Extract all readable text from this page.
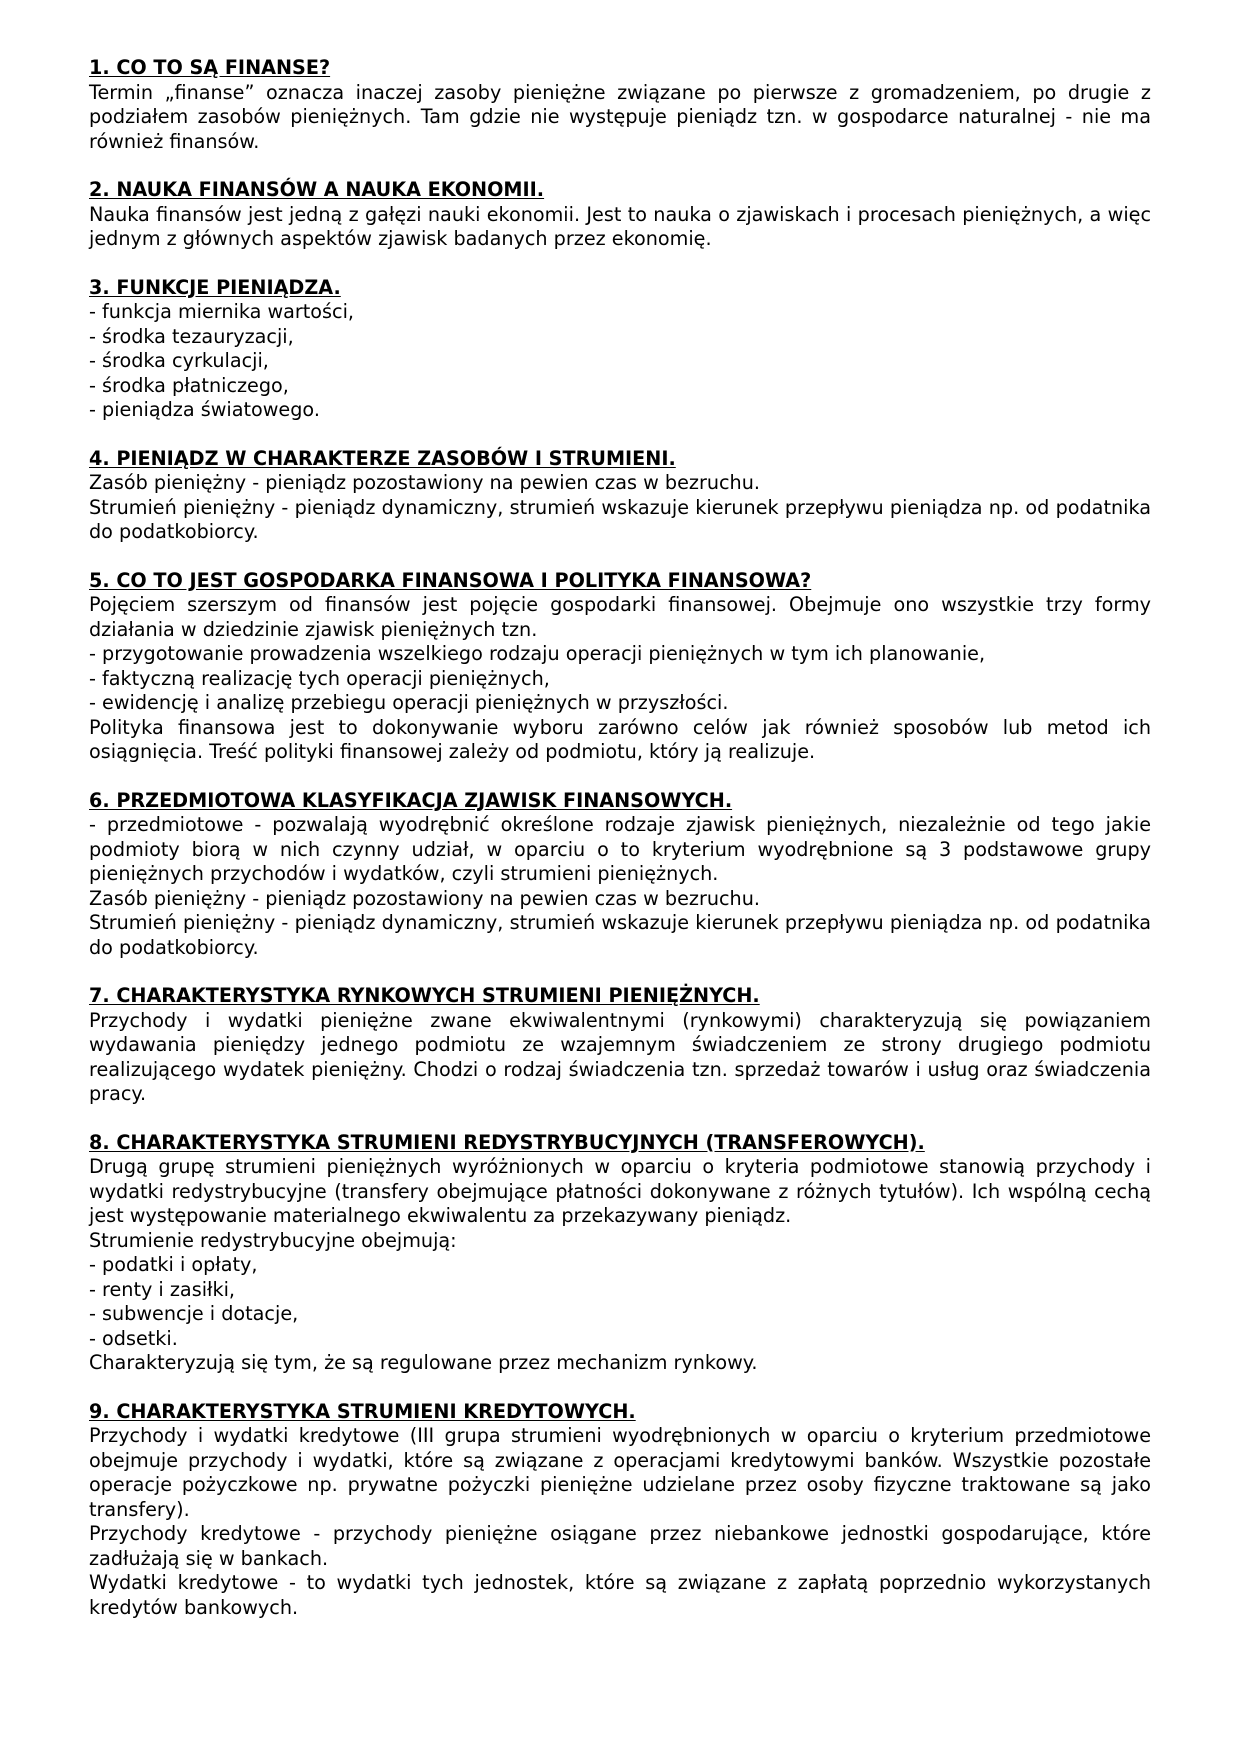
1. CO TO SĄ FINANSE?

Termin „finanse” oznacza inaczej zasoby pieniężne związane po pierwsze z gromadzeniem, po drugie z podziałem zasobów pieniężnych. Tam gdzie nie występuje pieniądz tzn. w gospodarce naturalnej - nie ma również finansów.

2. NAUKA FINANSÓW A NAUKA EKONOMII.

Nauka finansów jest jedną z gałęzi nauki ekonomii. Jest to nauka o zjawiskach i procesach pieniężnych, a więc jednym z głównych aspektów zjawisk badanych przez ekonomię.

3. FUNKCJE PIENIĄDZA.

- funkcja miernika wartości,

- środka tezauryzacji,

- środka cyrkulacji,

- środka płatniczego,

- pieniądza światowego.

4. PIENIĄDZ W CHARAKTERZE ZASOBÓW I STRUMIENI.

Zasób pieniężny - pieniądz pozostawiony na pewien czas w bezruchu.

Strumień pieniężny - pieniądz dynamiczny, strumień wskazuje kierunek przepływu pieniądza np. od podatnika do podatkobiorcy.

5. CO TO JEST GOSPODARKA FINANSOWA I POLITYKA FINANSOWA?

Pojęciem szerszym od finansów jest pojęcie gospodarki finansowej. Obejmuje ono wszystkie trzy formy działania w dziedzinie zjawisk pieniężnych tzn.

- przygotowanie prowadzenia wszelkiego rodzaju operacji pieniężnych w tym ich planowanie,

- faktyczną realizację tych operacji pieniężnych,

- ewidencję i analizę przebiegu operacji pieniężnych w przyszłości.

Polityka finansowa jest to dokonywanie wyboru zarówno celów jak również sposobów lub metod ich osiągnięcia. Treść polityki finansowej zależy od podmiotu, który ją realizuje.

6. PRZEDMIOTOWA KLASYFIKACJA ZJAWISK FINANSOWYCH.

- przedmiotowe - pozwalają wyodrębnić określone rodzaje zjawisk pieniężnych, niezależnie od tego jakie podmioty biorą w nich czynny udział, w oparciu o to kryterium wyodrębnione są 3 podstawowe grupy pieniężnych przychodów i wydatków, czyli strumieni pieniężnych.

Zasób pieniężny - pieniądz pozostawiony na pewien czas w bezruchu.

Strumień pieniężny - pieniądz dynamiczny, strumień wskazuje kierunek przepływu pieniądza np. od podatnika do podatkobiorcy.

7. CHARAKTERYSTYKA RYNKOWYCH STRUMIENI PIENIĘŻNYCH.

Przychody i wydatki pieniężne zwane ekwiwalentnymi (rynkowymi) charakteryzują się powiązaniem wydawania pieniędzy jednego podmiotu ze wzajemnym świadczeniem ze strony drugiego podmiotu realizującego wydatek pieniężny. Chodzi o rodzaj świadczenia tzn. sprzedaż towarów i usług oraz świadczenia pracy.

8. CHARAKTERYSTYKA STRUMIENI REDYSTRYBUCYJNYCH (TRANSFEROWYCH).

Drugą grupę strumieni pieniężnych wyróżnionych w oparciu o kryteria podmiotowe stanowią przychody i wydatki redystrybucyjne (transfery obejmujące płatności dokonywane z różnych tytułów). Ich wspólną cechą jest występowanie materialnego ekwiwalentu za przekazywany pieniądz.

Strumienie redystrybucyjne obejmują:

- podatki i opłaty,

- renty i zasiłki,

- subwencje i dotacje,

- odsetki.

Charakteryzują się tym, że są regulowane przez mechanizm rynkowy.

9. CHARAKTERYSTYKA STRUMIENI KREDYTOWYCH.

Przychody i wydatki kredytowe (III grupa strumieni wyodrębnionych w oparciu o kryterium przedmiotowe obejmuje przychody i wydatki, które są związane z operacjami kredytowymi banków. Wszystkie pozostałe operacje pożyczkowe np. prywatne pożyczki pieniężne udzielane przez osoby fizyczne traktowane są jako transfery).

Przychody kredytowe - przychody pieniężne osiągane przez niebankowe jednostki gospodarujące, które zadłużają się w bankach.

Wydatki kredytowe - to wydatki tych jednostek, które są związane z zapłatą poprzednio wykorzystanych kredytów bankowych.
